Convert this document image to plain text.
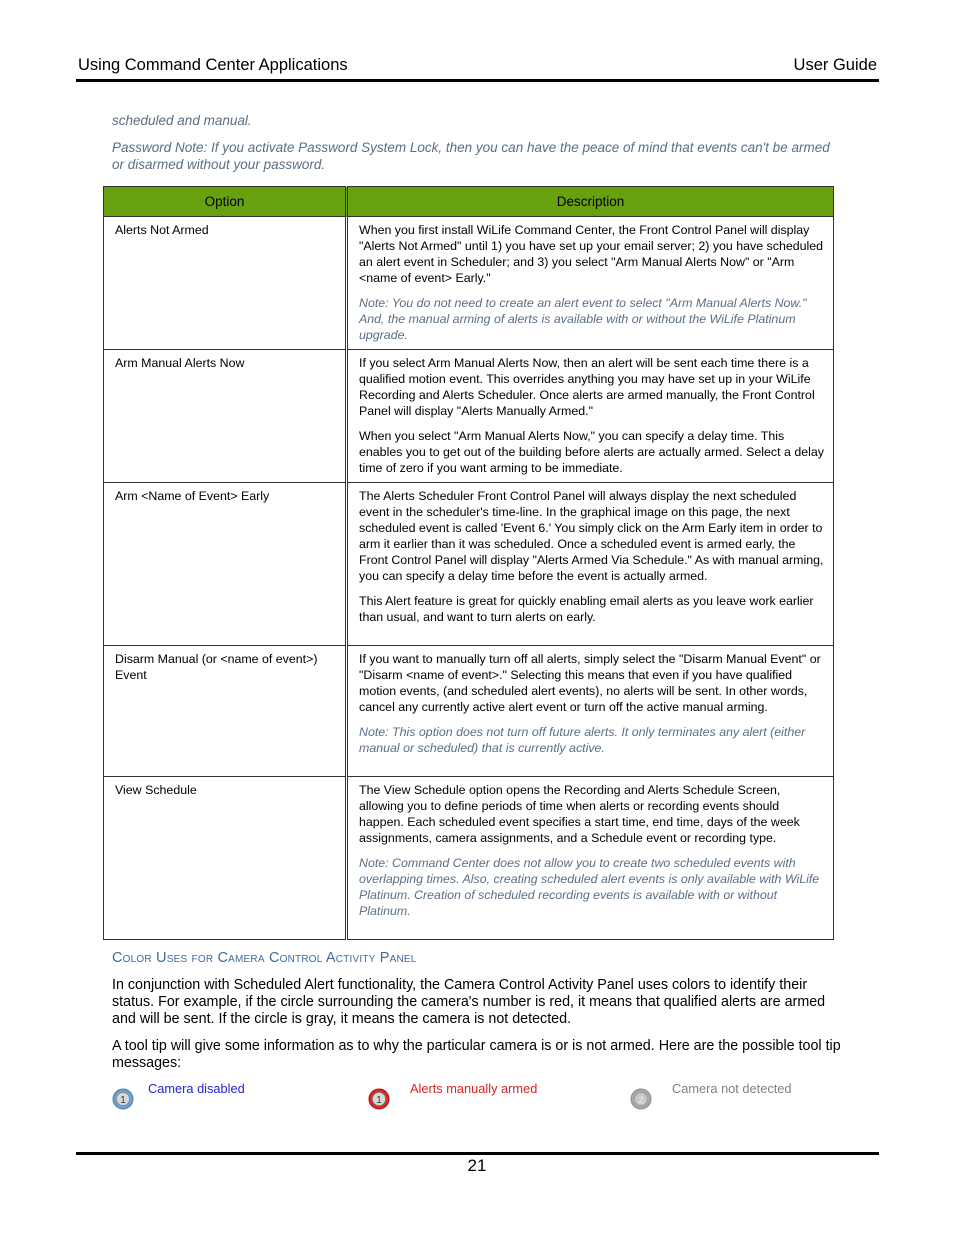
Using Command Center Applications	User Guide
scheduled and manual.
Password Note: If you activate Password System Lock, then you can have the peace of mind that events can't be armed or disarmed without your password.
Option	Description
Alerts Not Armed	When you first install WiLife Command Center, the Front Control Panel will display "Alerts Not Armed" until 1) you have set up your email server; 2) you have scheduled an alert event in Scheduler; and 3) you select "Arm Manual Alerts Now" or "Arm <name of event> Early."

Note: You do not need to create an alert event to select "Arm Manual Alerts Now." And, the manual arming of alerts is available with or without the WiLife Platinum upgrade.

Arm Manual Alerts Now	If you select Arm Manual Alerts Now, then an alert will be sent each time there is a qualified motion event. This overrides anything you may have set up in your WiLife Recording and Alerts Scheduler. Once alerts are armed manually, the Front Control Panel will display "Alerts Manually Armed."

When you select "Arm Manual Alerts Now," you can specify a delay time. This enables you to get out of the building before alerts are actually armed. Select a delay time of zero if you want arming to be immediate.

Arm <Name of Event> Early	The Alerts Scheduler Front Control Panel will always display the next scheduled event in the scheduler's time-line. In the graphical image on this page, the next scheduled event is called 'Event 6.' You simply click on the Arm Early item in order to arm it earlier than it was scheduled. Once a scheduled event is armed early, the Front Control Panel will display "Alerts Armed Via Schedule." As with manual arming, you can specify a delay time before the event is actually armed.

This Alert feature is great for quickly enabling email alerts as you leave work earlier than usual, and want to turn alerts on early.

Disarm Manual (or <name of event>) Event	If you want to manually turn off all alerts, simply select the "Disarm Manual Event" or "Disarm <name of event>." Selecting this means that even if you have qualified motion events, (and scheduled alert events), no alerts will be sent. In other words, cancel any currently active alert event or turn off the active manual arming.

Note: This option does not turn off future alerts. It only terminates any alert (either manual or scheduled) that is currently active.

View Schedule	The View Schedule option opens the Recording and Alerts Schedule Screen, allowing you to define periods of time when alerts or recording events should happen. Each scheduled event specifies a start time, end time, days of the week assignments, camera assignments, and a Schedule event or recording type.

Note: Command Center does not allow you to create two scheduled events with overlapping times. Also, creating scheduled alert events is only available with WiLife Platinum. Creation of scheduled recording events is available with or without Platinum.

Color Uses for Camera Control Activity Panel
In conjunction with Scheduled Alert functionality, the Camera Control Activity Panel uses colors to identify their status. For example, if the circle surrounding the camera's number is red, it means that qualified alerts are armed and will be sent. If the circle is gray, it means the camera is not detected.
A tool tip will give some information as to why the particular camera is or is not armed. Here are the possible tool tip messages:
1
Camera disabled
1
Alerts manually armed
2
Camera not detected
21
